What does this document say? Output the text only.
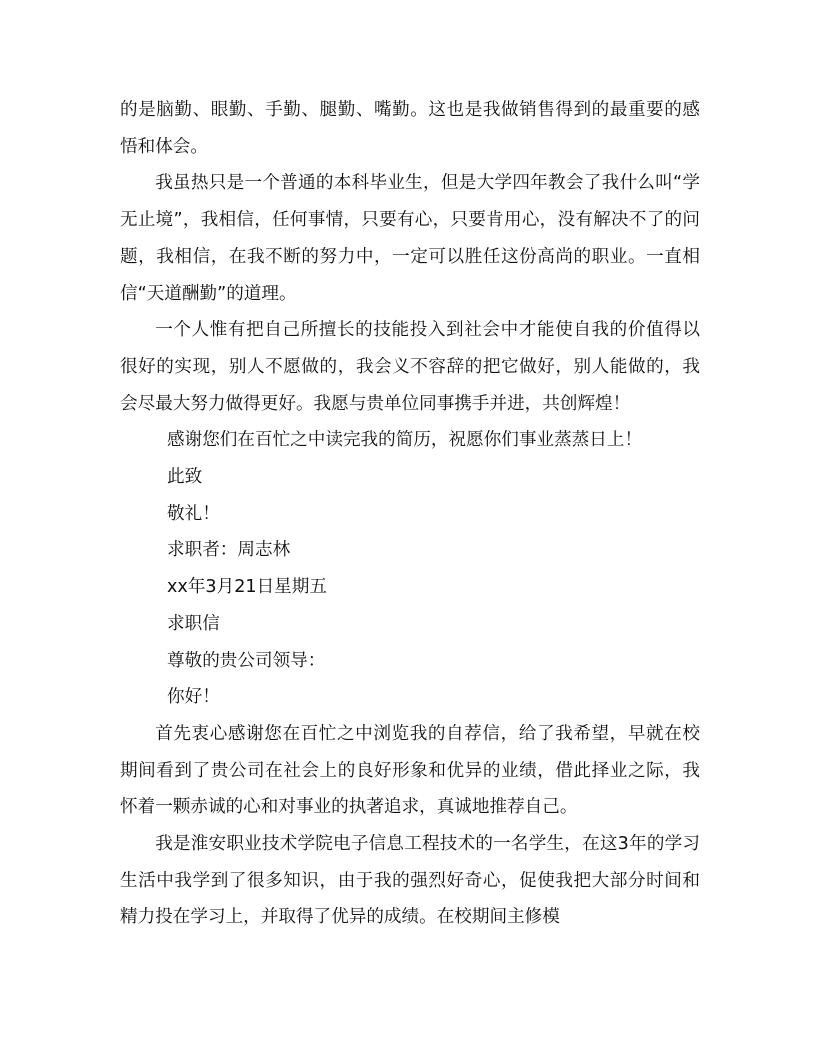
的是脑勤、眼勤、手勤、腿勤、嘴勤。这也是我做销售得到的最重要的感悟和体会。

我虽热只是一个普通的本科毕业生，但是大学四年教会了我什么叫“学无止境”，我相信，任何事情，只要有心，只要肯用心，没有解决不了的问题，我相信，在我不断的努力中，一定可以胜任这份高尚的职业。一直相信“天道酬勤”的道理。

一个人惟有把自己所擅长的技能投入到社会中才能使自我的价值得以很好的实现，别人不愿做的，我会义不容辞的把它做好，别人能做的，我会尽最大努力做得更好。我愿与贵单位同事携手并进，共创辉煌！

感谢您们在百忙之中读完我的简历，祝愿你们事业蒸蒸日上！

此致

敬礼！

求职者：周志林

xx年3月21日星期五

求职信

尊敬的贵公司领导：

你好！

首先衷心感谢您在百忙之中浏览我的自荐信，给了我希望，早就在校期间看到了贵公司在社会上的良好形象和优异的业绩，借此择业之际，我怀着一颗赤诚的心和对事业的执著追求，真诚地推荐自己。

我是淮安职业技术学院电子信息工程技术的一名学生，在这3年的学习生活中我学到了很多知识，由于我的强烈好奇心，促使我把大部分时间和精力投在学习上，并取得了优异的成绩。在校期间主修模
